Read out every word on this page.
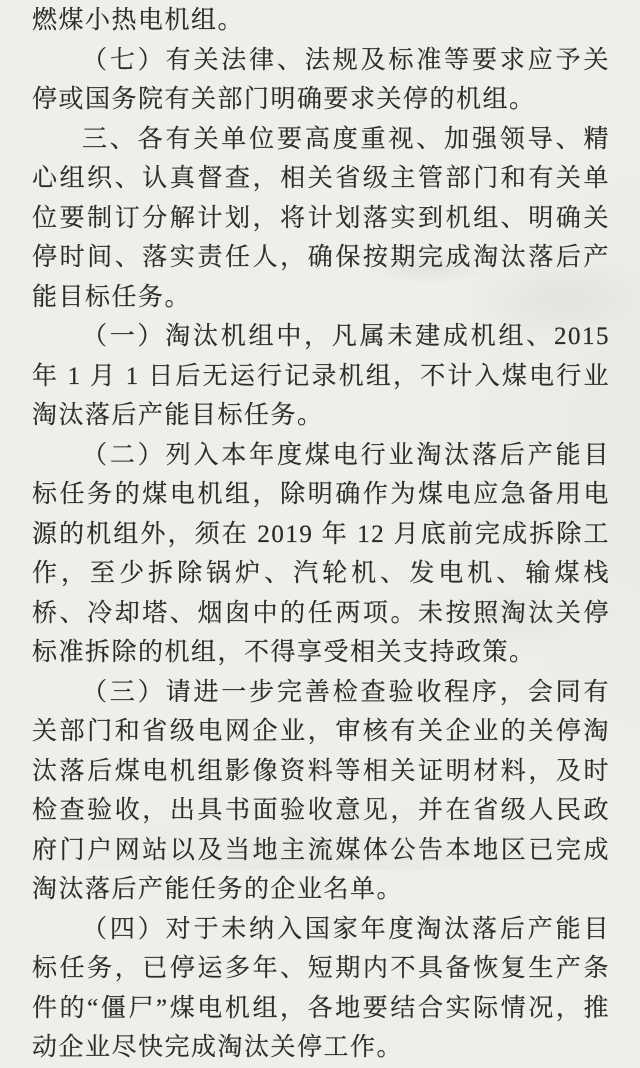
燃煤小热电机组。

（七）有关法律、法规及标准等要求应予关停或国务院有关部门明确要求关停的机组。

三、各有关单位要高度重视、加强领导、精心组织、认真督查，相关省级主管部门和有关单位要制订分解计划，将计划落实到机组、明确关停时间、落实责任人，确保按期完成淘汰落后产能目标任务。

（一）淘汰机组中，凡属未建成机组、2015 年 1 月 1 日后无运行记录机组，不计入煤电行业淘汰落后产能目标任务。

（二）列入本年度煤电行业淘汰落后产能目标任务的煤电机组，除明确作为煤电应急备用电源的机组外，须在 2019 年 12 月底前完成拆除工作，至少拆除锅炉、汽轮机、发电机、输煤栈桥、冷却塔、烟囱中的任两项。未按照淘汰关停标准拆除的机组，不得享受相关支持政策。

（三）请进一步完善检查验收程序，会同有关部门和省级电网企业，审核有关企业的关停淘汰落后煤电机组影像资料等相关证明材料，及时检查验收，出具书面验收意见，并在省级人民政府门户网站以及当地主流媒体公告本地区已完成淘汰落后产能任务的企业名单。

（四）对于未纳入国家年度淘汰落后产能目标任务，已停运多年、短期内不具备恢复生产条件的“僵尸”煤电机组，各地要结合实际情况，推动企业尽快完成淘汰关停工作。
